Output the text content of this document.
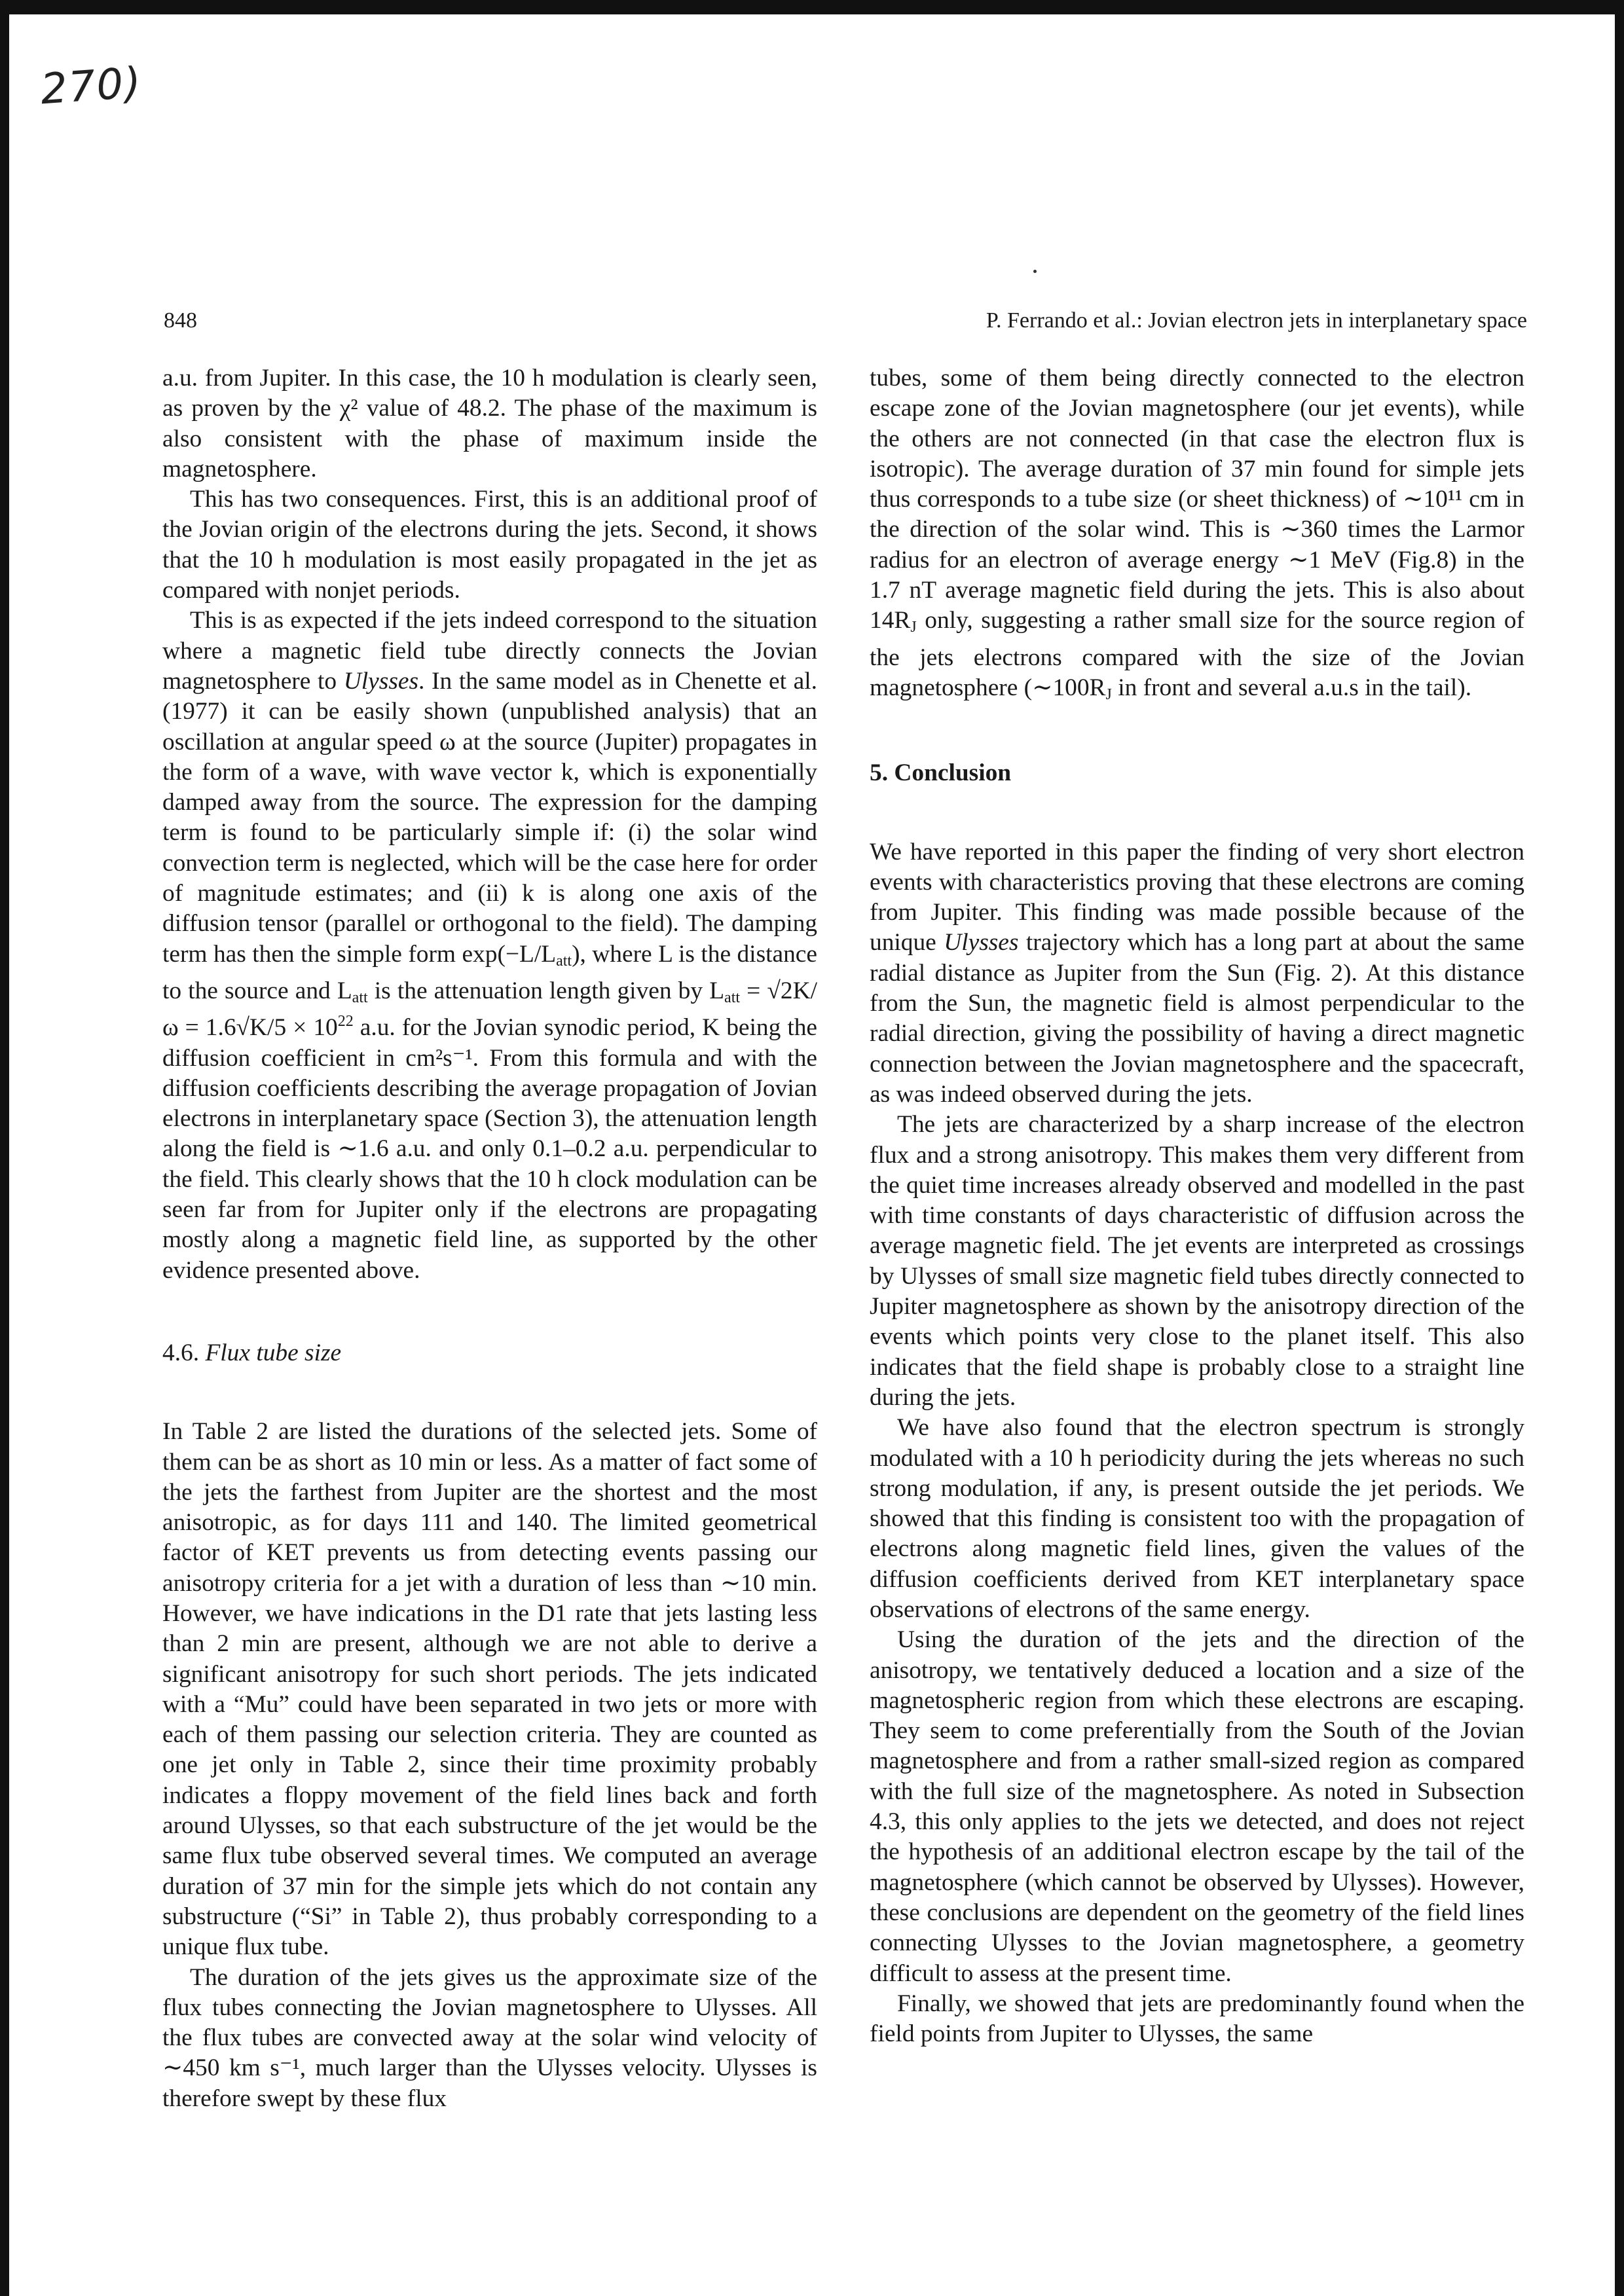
270)
848	P. Ferrando et al.: Jovian electron jets in interplanetary space

a.u. from Jupiter. In this case, the 10 h modulation is clearly seen, as proven by the χ² value of 48.2. The phase of the maximum is also consistent with the phase of maximum inside the magnetosphere.

This has two consequences. First, this is an additional proof of the Jovian origin of the electrons during the jets. Second, it shows that the 10 h modulation is most easily propagated in the jet as compared with nonjet periods.

This is as expected if the jets indeed correspond to the situation where a magnetic field tube directly connects the Jovian magnetosphere to Ulysses. In the same model as in Chenette et al. (1977) it can be easily shown (unpublished analysis) that an oscillation at angular speed ω at the source (Jupiter) propagates in the form of a wave, with wave vector k, which is exponentially damped away from the source. The expression for the damping term is found to be particularly simple if: (i) the solar wind convection term is neglected, which will be the case here for order of magnitude estimates; and (ii) k is along one axis of the diffusion tensor (parallel or orthogonal to the field). The damping term has then the simple form $\exp(-L/L_{att})$, where L is the distance to the source and $L_{att}$ is the attenuation length given by $L_{att} = √2K/\omega = 1.6√K/5 \times 10^{22}$ a.u. for the Jovian synodic period, K being the diffusion coefficient in cm²s⁻¹. From this formula and with the diffusion coefficients describing the average propagation of Jovian electrons in interplanetary space (Section 3), the attenuation length along the field is ∼1.6 a.u. and only 0.1–0.2 a.u. perpendicular to the field. This clearly shows that the 10 h clock modulation can be seen far from for Jupiter only if the electrons are propagating mostly along a magnetic field line, as supported by the other evidence presented above.

4.6. Flux tube size

In Table 2 are listed the durations of the selected jets. Some of them can be as short as 10 min or less. As a matter of fact some of the jets the farthest from Jupiter are the shortest and the most anisotropic, as for days 111 and 140. The limited geometrical factor of KET prevents us from detecting events passing our anisotropy criteria for a jet with a duration of less than ∼10 min. However, we have indications in the D1 rate that jets lasting less than 2 min are present, although we are not able to derive a significant anisotropy for such short periods. The jets indicated with a “Mu” could have been separated in two jets or more with each of them passing our selection criteria. They are counted as one jet only in Table 2, since their time proximity probably indicates a floppy movement of the field lines back and forth around Ulysses, so that each substructure of the jet would be the same flux tube observed several times. We computed an average duration of 37 min for the simple jets which do not contain any substructure (“Si” in Table 2), thus probably corresponding to a unique flux tube.

The duration of the jets gives us the approximate size of the flux tubes connecting the Jovian magnetosphere to Ulysses. All the flux tubes are convected away at the solar wind velocity of ∼450 km s⁻¹, much larger than the Ulysses velocity. Ulysses is therefore swept by these flux

tubes, some of them being directly connected to the electron escape zone of the Jovian magnetosphere (our jet events), while the others are not connected (in that case the electron flux is isotropic). The average duration of 37 min found for simple jets thus corresponds to a tube size (or sheet thickness) of ∼10¹¹ cm in the direction of the solar wind. This is ∼360 times the Larmor radius for an electron of average energy ∼1 MeV (Fig.8) in the 1.7 nT average magnetic field during the jets. This is also about $14R_J$ only, suggesting a rather small size for the source region of the jets electrons compared with the size of the Jovian magnetosphere ($\sim 100R_J$ in front and several a.u.s in the tail).

5. Conclusion

We have reported in this paper the finding of very short electron events with characteristics proving that these electrons are coming from Jupiter. This finding was made possible because of the unique Ulysses trajectory which has a long part at about the same radial distance as Jupiter from the Sun (Fig. 2). At this distance from the Sun, the magnetic field is almost perpendicular to the radial direction, giving the possibility of having a direct magnetic connection between the Jovian magnetosphere and the spacecraft, as was indeed observed during the jets.

The jets are characterized by a sharp increase of the electron flux and a strong anisotropy. This makes them very different from the quiet time increases already observed and modelled in the past with time constants of days characteristic of diffusion across the average magnetic field. The jet events are interpreted as crossings by Ulysses of small size magnetic field tubes directly connected to Jupiter magnetosphere as shown by the anisotropy direction of the events which points very close to the planet itself. This also indicates that the field shape is probably close to a straight line during the jets.

We have also found that the electron spectrum is strongly modulated with a 10 h periodicity during the jets whereas no such strong modulation, if any, is present outside the jet periods. We showed that this finding is consistent too with the propagation of electrons along magnetic field lines, given the values of the diffusion coefficients derived from KET interplanetary space observations of electrons of the same energy.

Using the duration of the jets and the direction of the anisotropy, we tentatively deduced a location and a size of the magnetospheric region from which these electrons are escaping. They seem to come preferentially from the South of the Jovian magnetosphere and from a rather small-sized region as compared with the full size of the magnetosphere. As noted in Subsection 4.3, this only applies to the jets we detected, and does not reject the hypothesis of an additional electron escape by the tail of the magnetosphere (which cannot be observed by Ulysses). However, these conclusions are dependent on the geometry of the field lines connecting Ulysses to the Jovian magnetosphere, a geometry difficult to assess at the present time.

Finally, we showed that jets are predominantly found when the field points from Jupiter to Ulysses, the same
